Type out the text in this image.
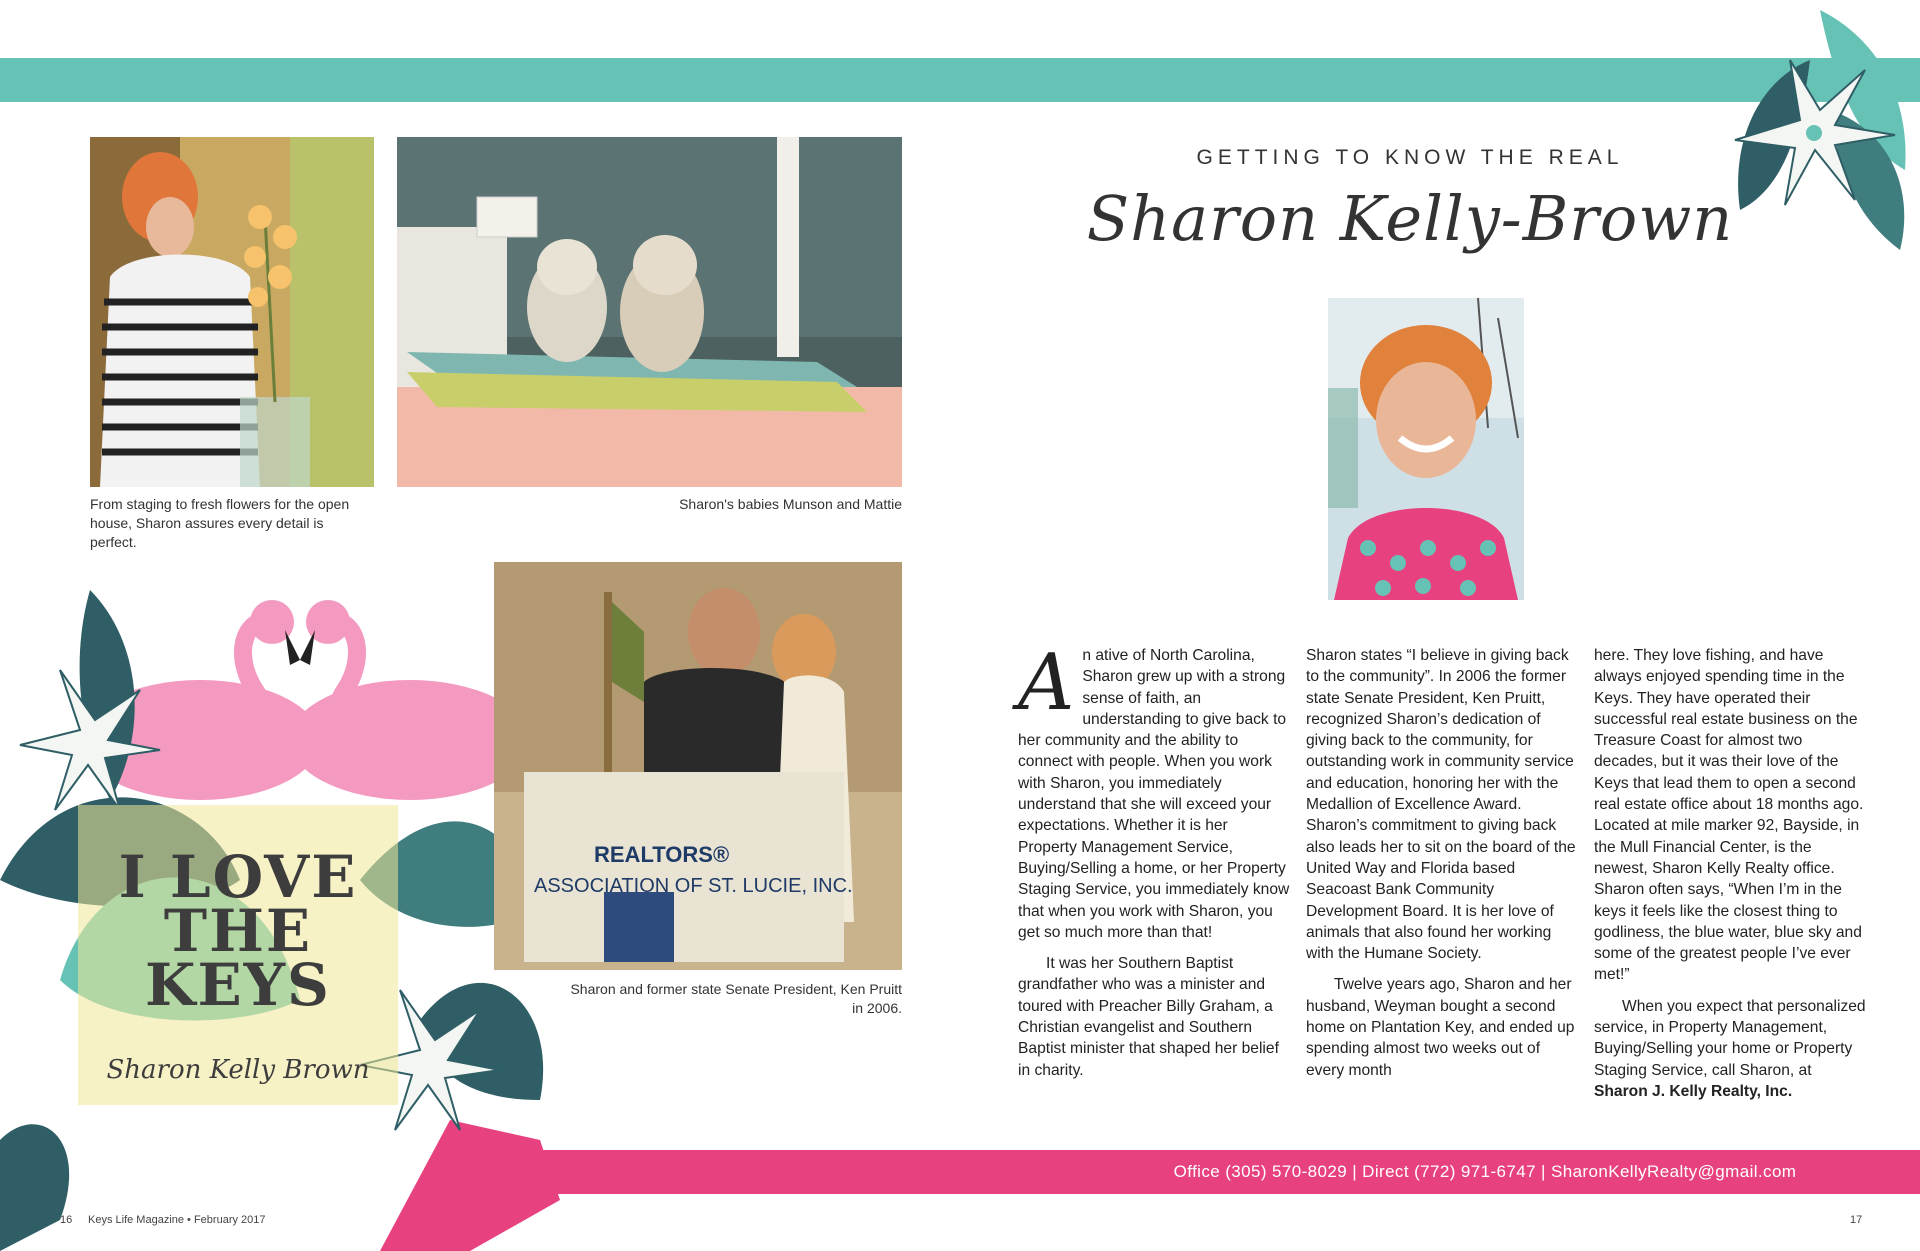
From staging to fresh flowers for the open house, Sharon assures every detail is perfect.
Sharon's babies Munson and Mattie
I LOVE
THE
KEYS
Sharon Kelly Brown
REALTORS®
ASSOCIATION OF ST. LUCIE, INC.
Sharon and former state Senate President, Ken Pruitt in 2006.
GETTING TO KNOW THE REAL
Sharon Kelly-Brown

An ative of North Carolina, Sharon grew up with a strong sense of faith, an understanding to give back to her community and the ability to connect with people. When you work with Sharon, you immediately understand that she will exceed your expectations. Whether it is her Property Management Service, Buying/Selling a home, or her Property Staging Service, you immediately know that when you work with Sharon, you get so much more than that!

It was her Southern Baptist grandfather who was a minister and toured with Preacher Billy Graham, a Christian evangelist and Southern Baptist minister that shaped her belief in charity.

Sharon states “I believe in giving back to the community”. In 2006 the former state Senate President, Ken Pruitt, recognized Sharon’s dedication of giving back to the community, for outstanding work in community service and education, honoring her with the Medallion of Excellence Award. Sharon’s commitment to giving back also leads her to sit on the board of the United Way and Florida based Seacoast Bank Community Development Board. It is her love of animals that also found her working with the Humane Society.

Twelve years ago, Sharon and her husband, Weyman bought a second home on Plantation Key, and ended up spending almost two weeks out of every month

here. They love fishing, and have always enjoyed spending time in the Keys. They have operated their successful real estate business on the Treasure Coast for almost two decades, but it was their love of the Keys that lead them to open a second real estate office about 18 months ago. Located at mile marker 92, Bayside, in the Mull Financial Center, is the newest, Sharon Kelly Realty office. Sharon often says, “When I’m in the keys it feels like the closest thing to godliness, the blue water, blue sky and some of the greatest people I’ve ever met!”

When you expect that personalized service, in Property Management, Buying/Selling your home or Property Staging Service, call Sharon, at Sharon J. Kelly Realty, Inc.

Office (305) 570-8029 | Direct (772) 971-6747 | SharonKellyRealty@gmail.com
16 Keys Life Magazine • February 2017	17
